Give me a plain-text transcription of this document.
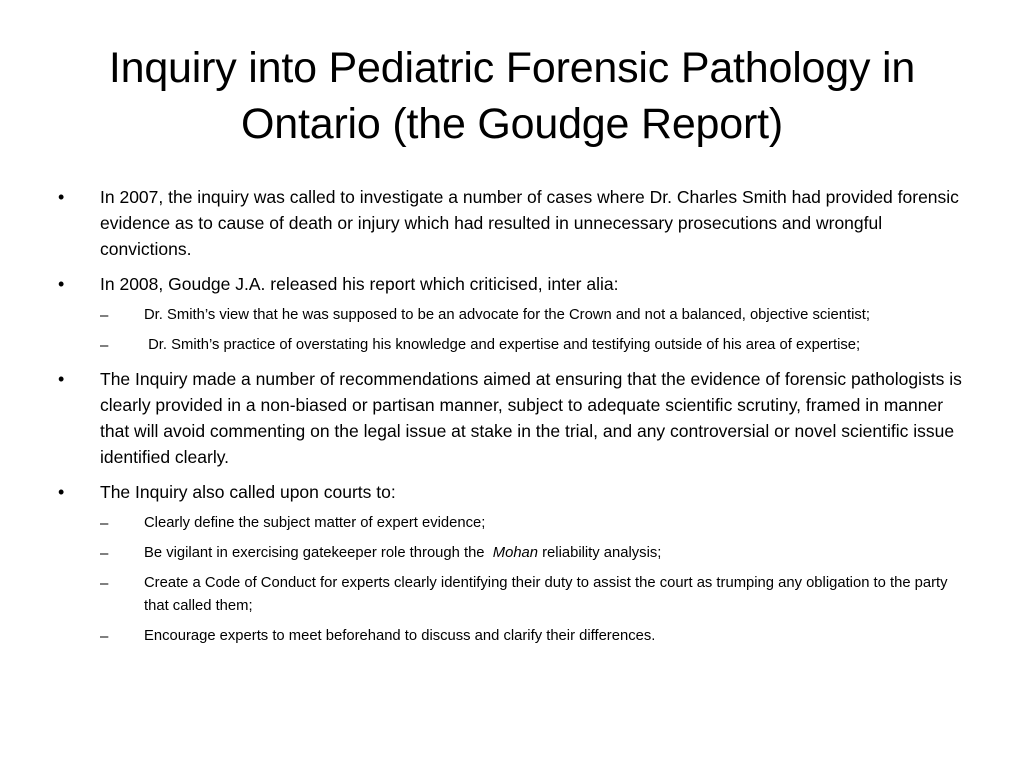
Inquiry into Pediatric Forensic Pathology in Ontario (the Goudge Report)
• In 2007, the inquiry was called to investigate a number of cases where Dr. Charles Smith had provided forensic evidence as to cause of death or injury which had resulted in unnecessary prosecutions and wrongful convictions.
• In 2008, Goudge J.A. released his report which criticised, inter alia:
– Dr. Smith’s view that he was supposed to be an advocate for the Crown and not a balanced, objective scientist;
– Dr. Smith’s practice of overstating his knowledge and expertise and testifying outside of his area of expertise;
• The Inquiry made a number of recommendations aimed at ensuring that the evidence of forensic pathologists is clearly provided in a non-biased or partisan manner, subject to adequate scientific scrutiny, framed in manner that will avoid commenting on the legal issue at stake in the trial, and any controversial or novel scientific issue identified clearly.
• The Inquiry also called upon courts to:
– Clearly define the subject matter of expert evidence;
– Be vigilant in exercising gatekeeper role through the  Mohan reliability analysis;
– Create a Code of Conduct for experts clearly identifying their duty to assist the court as trumping any obligation to the party that called them;
– Encourage experts to meet beforehand to discuss and clarify their differences.
